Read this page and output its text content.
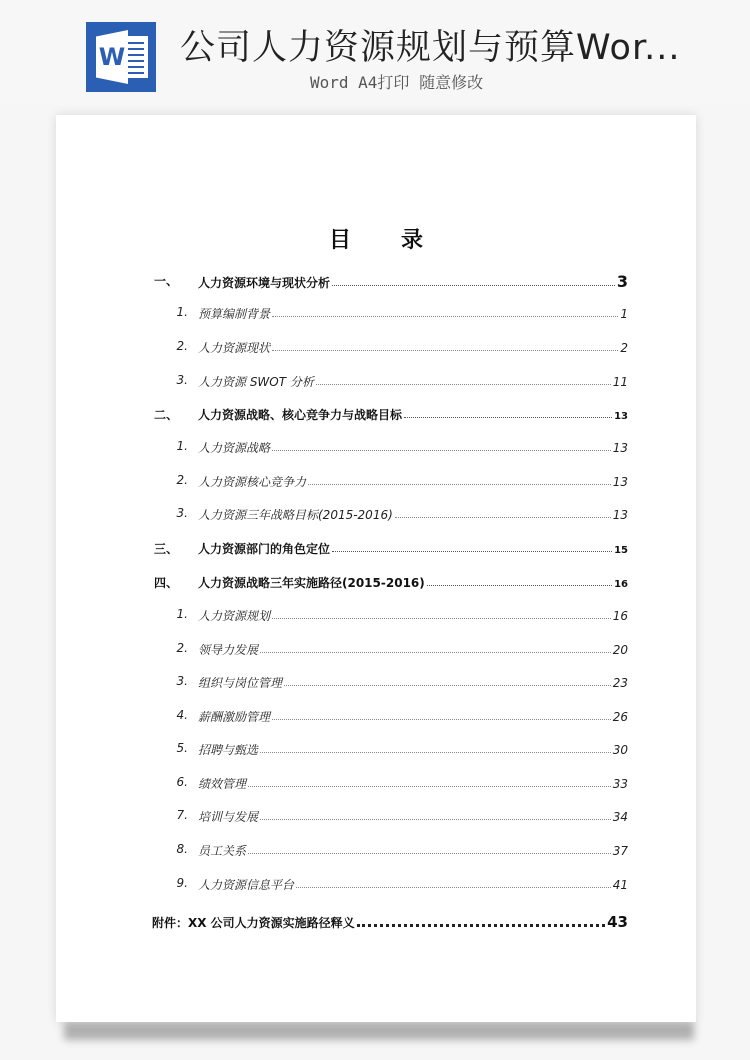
W 公司人力资源规划与预算Wor...
Word A4打印 随意修改
目录
一、 人力资源环境与现状分析	3
1. 预算编制背景	1
2. 人力资源现状	2
3. 人力资源 SWOT 分析	11
二、 人力资源战略、核心竞争力与战略目标	13
1. 人力资源战略	13
2. 人力资源核心竞争力	13
3. 人力资源三年战略目标(2015-2016)	13
三、 人力资源部门的角色定位	15
四、 人力资源战略三年实施路径(2015-2016)	16
1. 人力资源规划	16
2. 领导力发展	20
3. 组织与岗位管理	23
4. 薪酬激励管理	26
5. 招聘与甄选	30
6. 绩效管理	33
7. 培训与发展	34
8. 员工关系	37
9. 人力资源信息平台	41
附件：XX 公司人力资源实施路径释义	43
